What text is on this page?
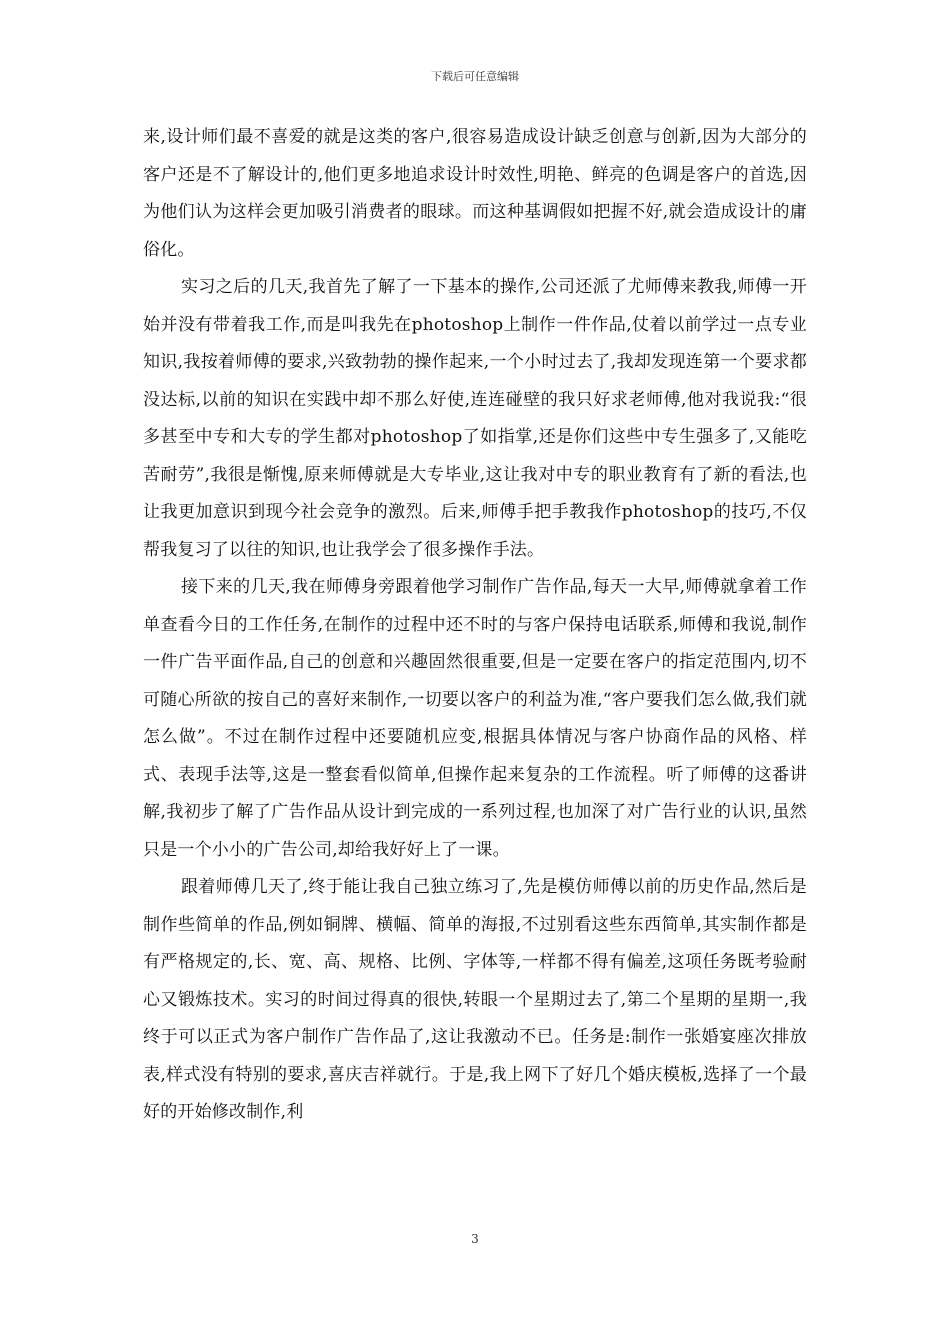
下载后可任意编辑

来,设计师们最不喜爱的就是这类的客户,很容易造成设计缺乏创意与创新,因为大部分的客户还是不了解设计的,他们更多地追求设计时效性,明艳、鲜亮的色调是客户的首选,因为他们认为这样会更加吸引消费者的眼球。而这种基调假如把握不好,就会造成设计的庸俗化。

实习之后的几天,我首先了解了一下基本的操作,公司还派了尤师傅来教我,师傅一开始并没有带着我工作,而是叫我先在photoshop上制作一件作品,仗着以前学过一点专业知识,我按着师傅的要求,兴致勃勃的操作起来,一个小时过去了,我却发现连第一个要求都没达标,以前的知识在实践中却不那么好使,连连碰壁的我只好求老师傅,他对我说我:“很多甚至中专和大专的学生都对photoshop了如指掌,还是你们这些中专生强多了,又能吃苦耐劳”,我很是惭愧,原来师傅就是大专毕业,这让我对中专的职业教育有了新的看法,也让我更加意识到现今社会竞争的激烈。后来,师傅手把手教我作photoshop的技巧,不仅帮我复习了以往的知识,也让我学会了很多操作手法。

接下来的几天,我在师傅身旁跟着他学习制作广告作品,每天一大早,师傅就拿着工作单查看今日的工作任务,在制作的过程中还不时的与客户保持电话联系,师傅和我说,制作一件广告平面作品,自己的创意和兴趣固然很重要,但是一定要在客户的指定范围内,切不可随心所欲的按自己的喜好来制作,一切要以客户的利益为准,“客户要我们怎么做,我们就怎么做”。不过在制作过程中还要随机应变,根据具体情况与客户协商作品的风格、样式、表现手法等,这是一整套看似简单,但操作起来复杂的工作流程。听了师傅的这番讲解,我初步了解了广告作品从设计到完成的一系列过程,也加深了对广告行业的认识,虽然只是一个小小的广告公司,却给我好好上了一课。

跟着师傅几天了,终于能让我自己独立练习了,先是模仿师傅以前的历史作品,然后是制作些简单的作品,例如铜牌、横幅、简单的海报,不过别看这些东西简单,其实制作都是有严格规定的,长、宽、高、规格、比例、字体等,一样都不得有偏差,这项任务既考验耐心又锻炼技术。实习的时间过得真的很快,转眼一个星期过去了,第二个星期的星期一,我终于可以正式为客户制作广告作品了,这让我激动不已。任务是:制作一张婚宴座次排放表,样式没有特别的要求,喜庆吉祥就行。于是,我上网下了好几个婚庆模板,选择了一个最好的开始修改制作,利

3
